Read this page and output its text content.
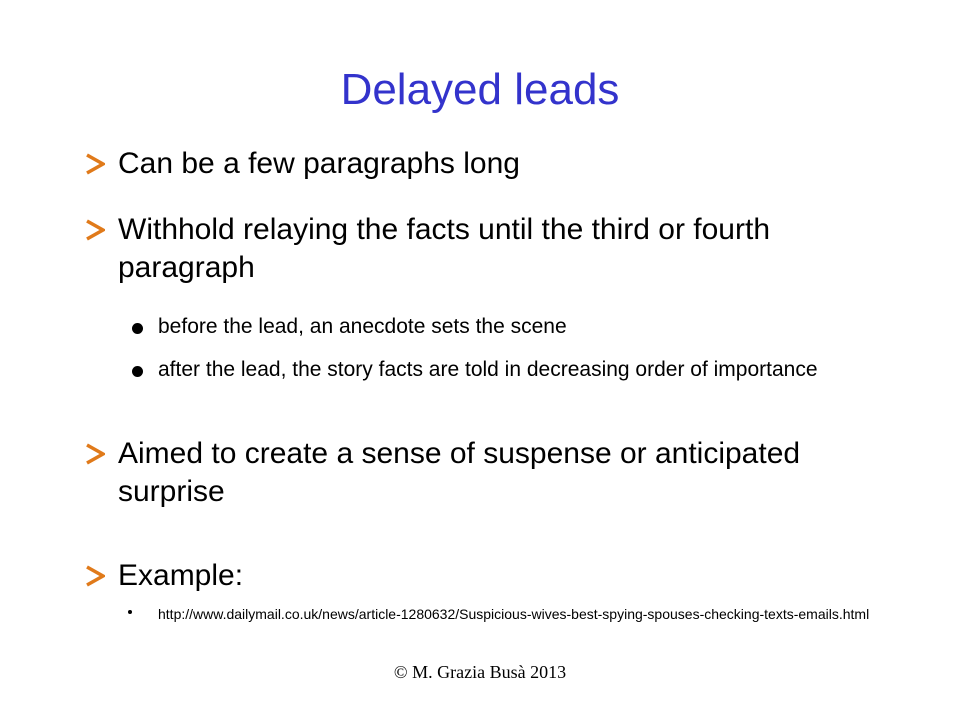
Delayed leads
Can be a few paragraphs long
Withhold relaying the facts until the third or fourth paragraph
before the lead, an anecdote sets the scene
after the lead, the story facts are told in decreasing order of importance
Aimed to create a sense of suspense or anticipated surprise
Example:
http://www.dailymail.co.uk/news/article-1280632/Suspicious-wives-best-spying-spouses-checking-texts-emails.html
© M. Grazia Busà 2013
